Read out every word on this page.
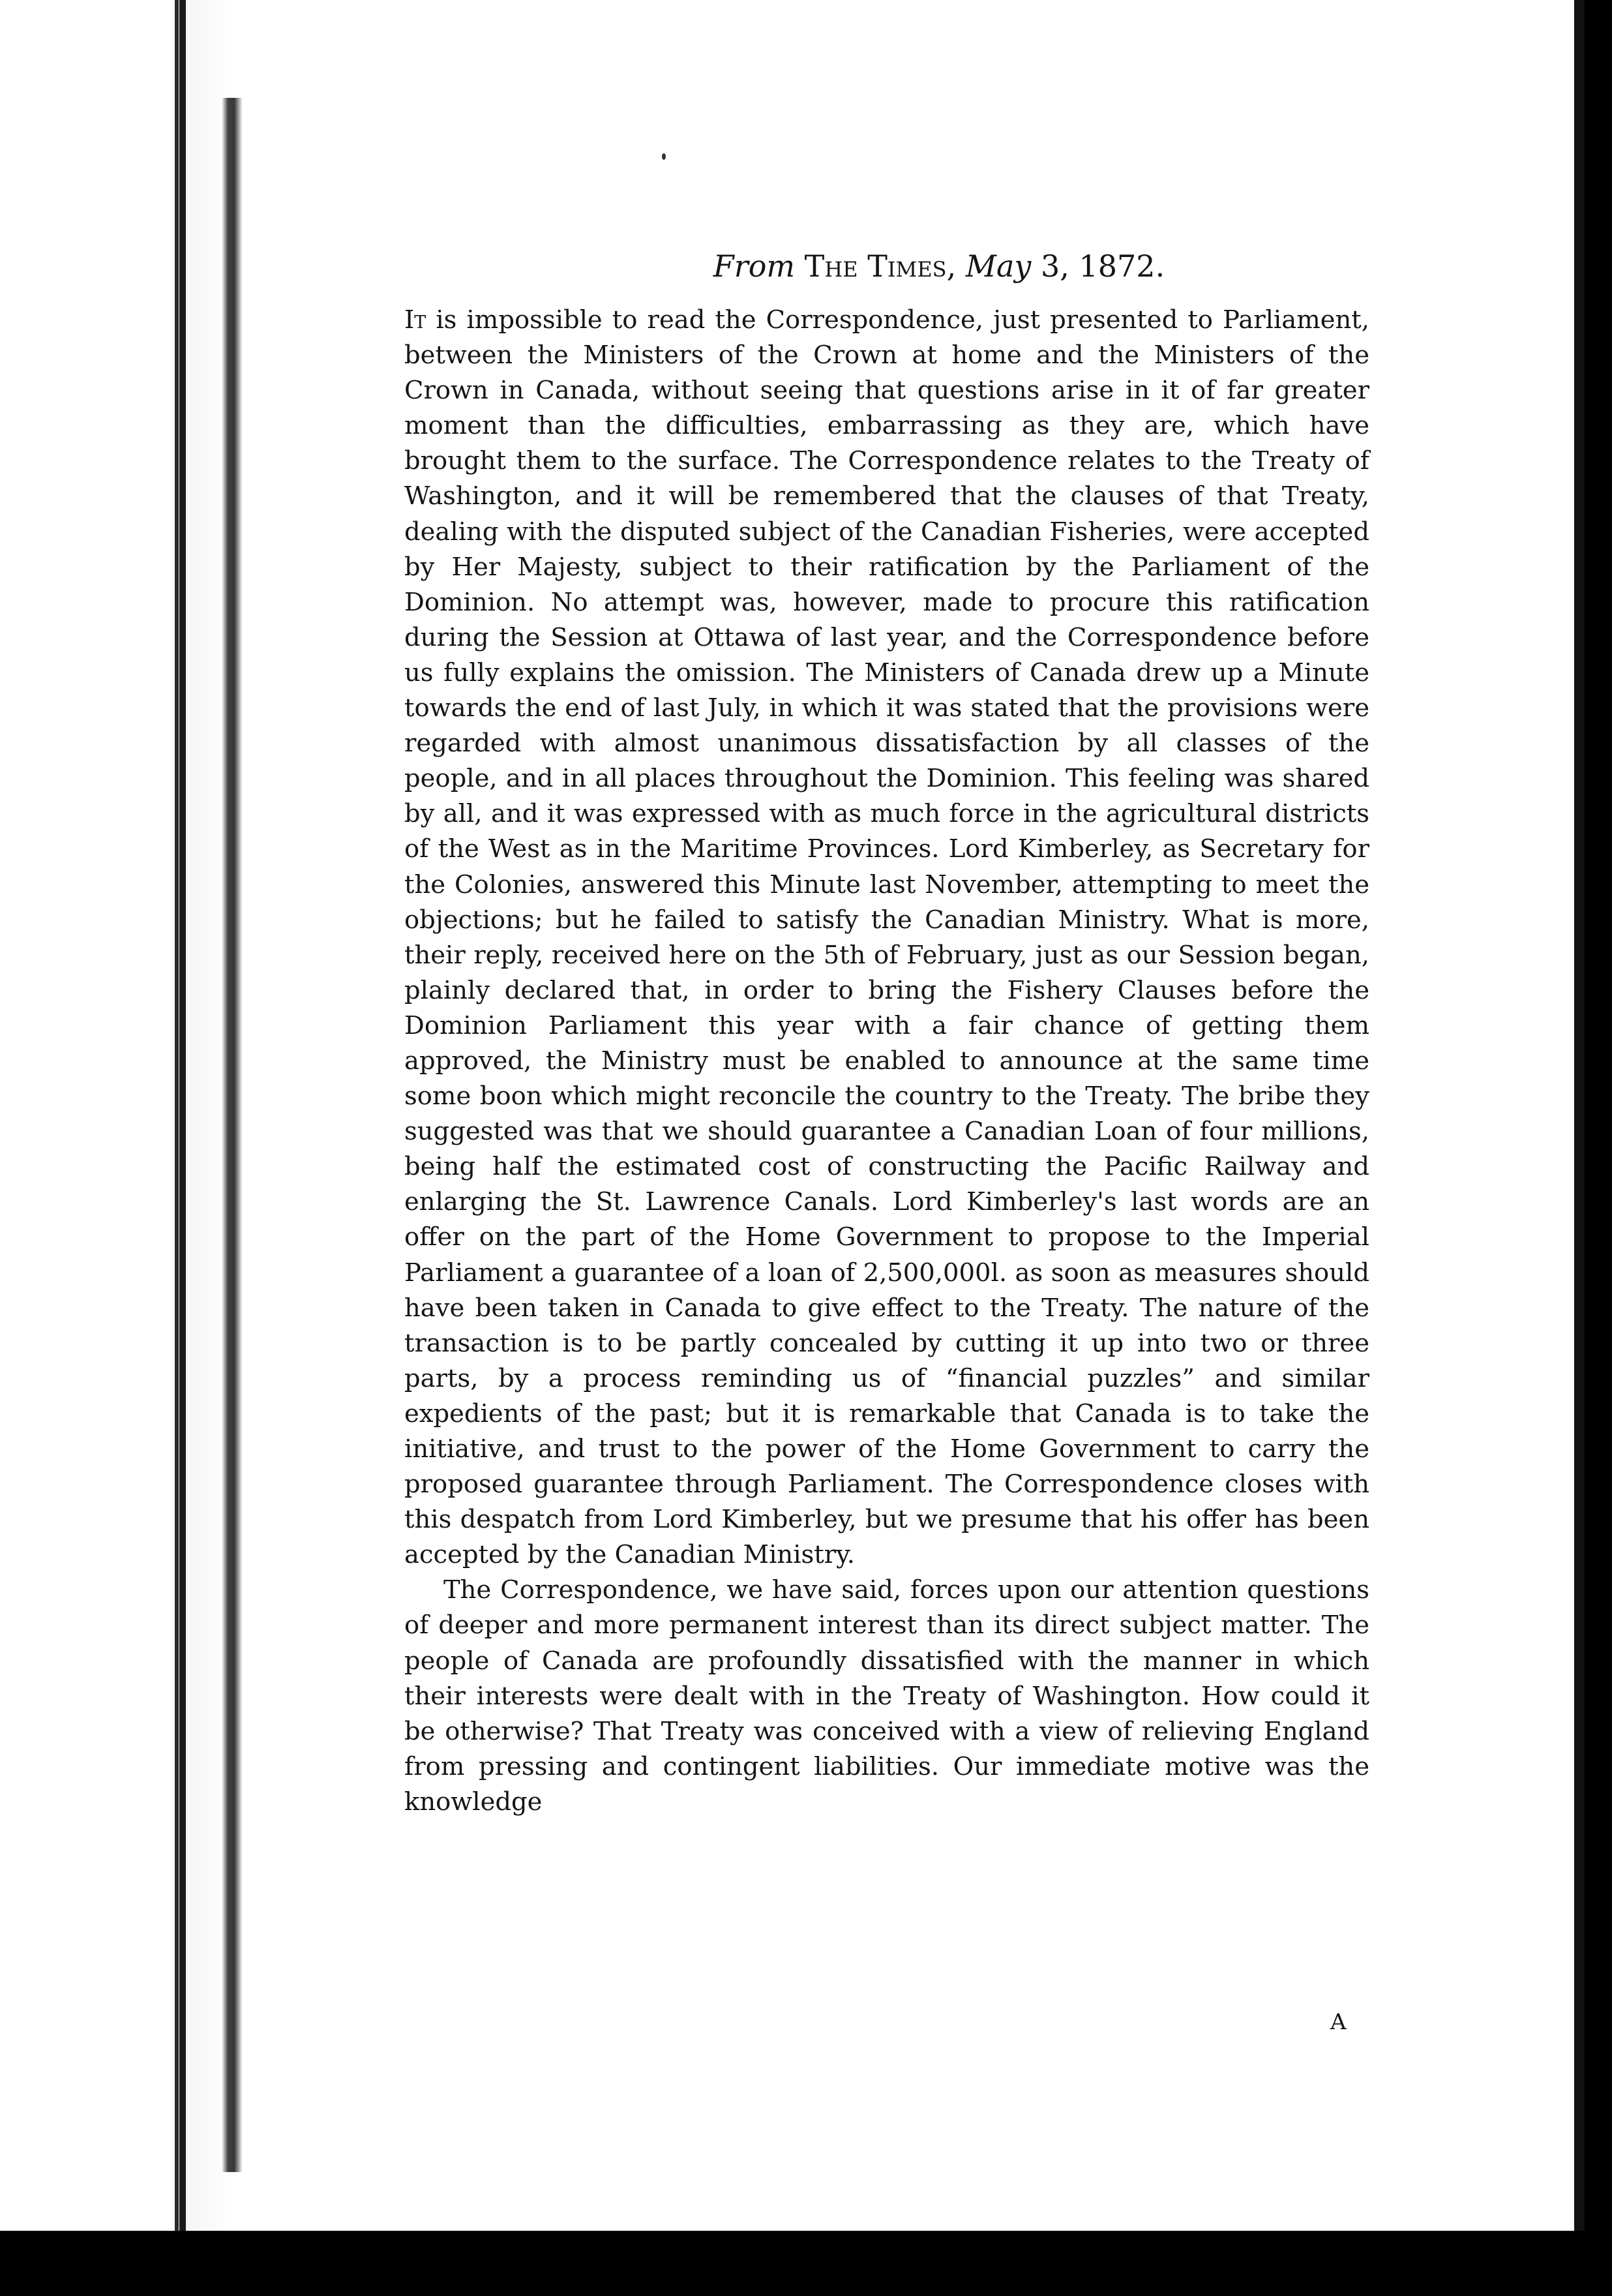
From The Times, May 3, 1872.

It is impossible to read the Correspondence, just presented to Parliament, between the Ministers of the Crown at home and the Ministers of the Crown in Canada, without seeing that questions arise in it of far greater moment than the difficulties, embarrassing as they are, which have brought them to the surface. The Correspondence relates to the Treaty of Washington, and it will be remembered that the clauses of that Treaty, dealing with the disputed subject of the Canadian Fisheries, were accepted by Her Majesty, subject to their ratification by the Parliament of the Dominion. No attempt was, however, made to procure this ratification during the Session at Ottawa of last year, and the Correspondence before us fully explains the omission. The Ministers of Canada drew up a Minute towards the end of last July, in which it was stated that the provisions were regarded with almost unanimous dissatisfaction by all classes of the people, and in all places throughout the Dominion. This feeling was shared by all, and it was expressed with as much force in the agricultural districts of the West as in the Maritime Provinces. Lord Kimberley, as Secretary for the Colonies, answered this Minute last November, attempting to meet the objections; but he failed to satisfy the Canadian Ministry. What is more, their reply, received here on the 5th of February, just as our Session began, plainly declared that, in order to bring the Fishery Clauses before the Dominion Parliament this year with a fair chance of getting them approved, the Ministry must be enabled to announce at the same time some boon which might reconcile the country to the Treaty. The bribe they suggested was that we should guarantee a Canadian Loan of four millions, being half the estimated cost of constructing the Pacific Railway and enlarging the St. Lawrence Canals. Lord Kimberley's last words are an offer on the part of the Home Government to propose to the Imperial Parliament a guarantee of a loan of 2,500,000l. as soon as measures should have been taken in Canada to give effect to the Treaty. The nature of the transaction is to be partly concealed by cutting it up into two or three parts, by a process reminding us of “financial puzzles” and similar expedients of the past; but it is remarkable that Canada is to take the initiative, and trust to the power of the Home Government to carry the proposed guarantee through Parliament. The Correspondence closes with this despatch from Lord Kimberley, but we presume that his offer has been accepted by the Canadian Ministry.

The Correspondence, we have said, forces upon our attention questions of deeper and more permanent interest than its direct subject matter. The people of Canada are profoundly dissatisfied with the manner in which their interests were dealt with in the Treaty of Washington. How could it be otherwise? That Treaty was conceived with a view of relieving England from pressing and contingent liabilities. Our immediate motive was the knowledge

A
